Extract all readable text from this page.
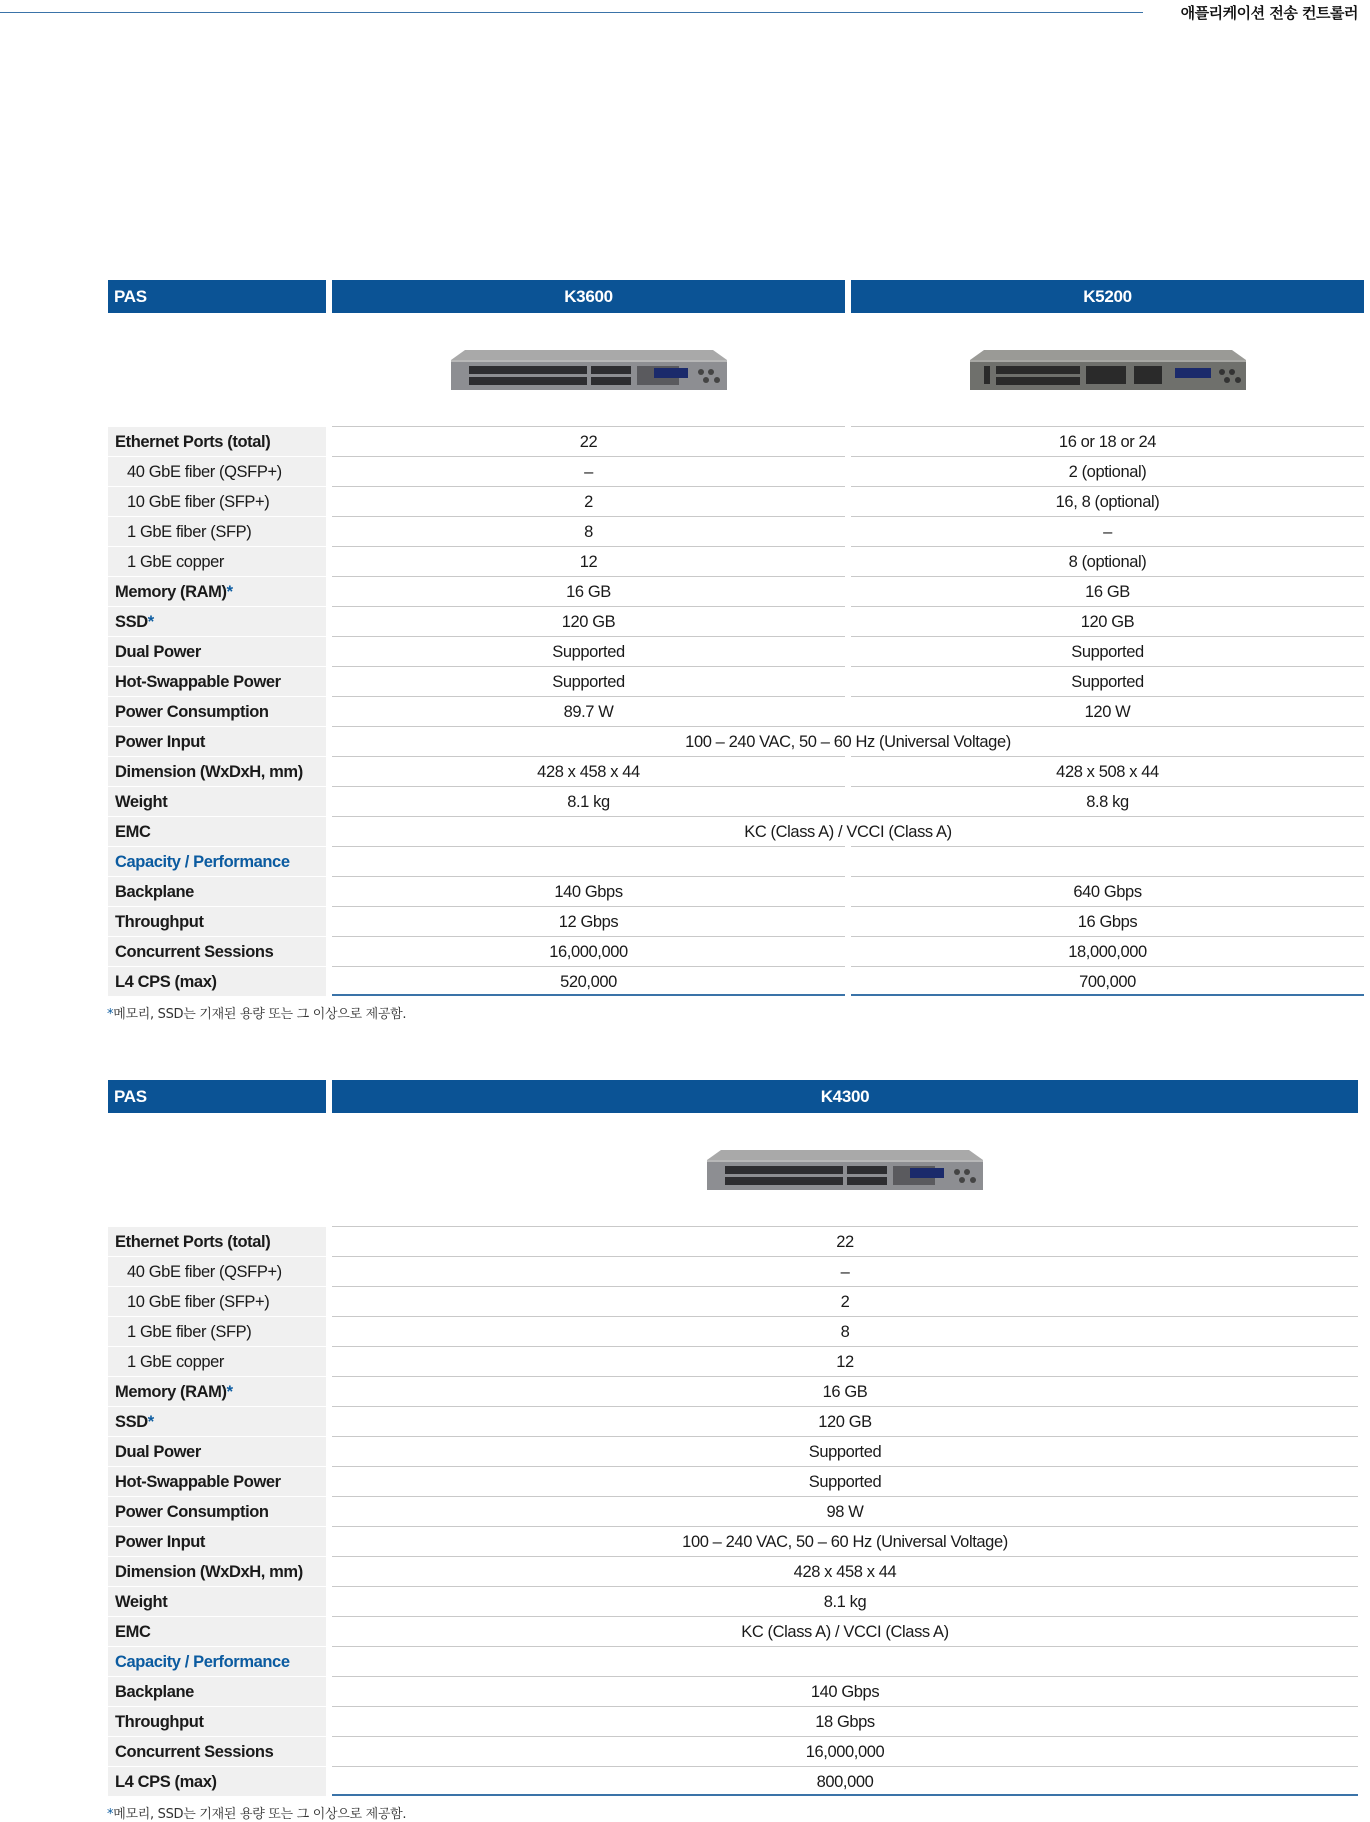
애플리케이션 전송 컨트롤러
PAS	K3600	K5200
Ethernet Ports (total)	22	16 or 18 or 24
40 GbE fiber (QSFP+)	–	2 (optional)
10 GbE fiber (SFP+)	2	16, 8 (optional)
1 GbE fiber (SFP)	8	–
1 GbE copper	12	8 (optional)
Memory (RAM)*	16 GB	16 GB
SSD*	120 GB	120 GB
Dual Power	Supported	Supported
Hot-Swappable Power	Supported	Supported
Power Consumption	89.7 W	120 W
Power Input	100 – 240 VAC, 50 – 60 Hz (Universal Voltage)
Dimension (WxDxH, mm)	428 x 458 x 44	428 x 508 x 44
Weight	8.1 kg	8.8 kg
EMC	KC (Class A) / VCCI (Class A)
Capacity / Performance
Backplane	140 Gbps	640 Gbps
Throughput	12 Gbps	16 Gbps
Concurrent Sessions	16,000,000	18,000,000
L4 CPS (max)	520,000	700,000
*메모리, SSD는 기재된 용량 또는 그 이상으로 제공함.
PAS	K4300
Ethernet Ports (total)	22
40 GbE fiber (QSFP+)	–
10 GbE fiber (SFP+)	2
1 GbE fiber (SFP)	8
1 GbE copper	12
Memory (RAM)*	16 GB
SSD*	120 GB
Dual Power	Supported
Hot-Swappable Power	Supported
Power Consumption	98 W
Power Input	100 – 240 VAC, 50 – 60 Hz (Universal Voltage)
Dimension (WxDxH, mm)	428 x 458 x 44
Weight	8.1 kg
EMC	KC (Class A) / VCCI (Class A)
Capacity / Performance
Backplane	140 Gbps
Throughput	18 Gbps
Concurrent Sessions	16,000,000
L4 CPS (max)	800,000
*메모리, SSD는 기재된 용량 또는 그 이상으로 제공함.
